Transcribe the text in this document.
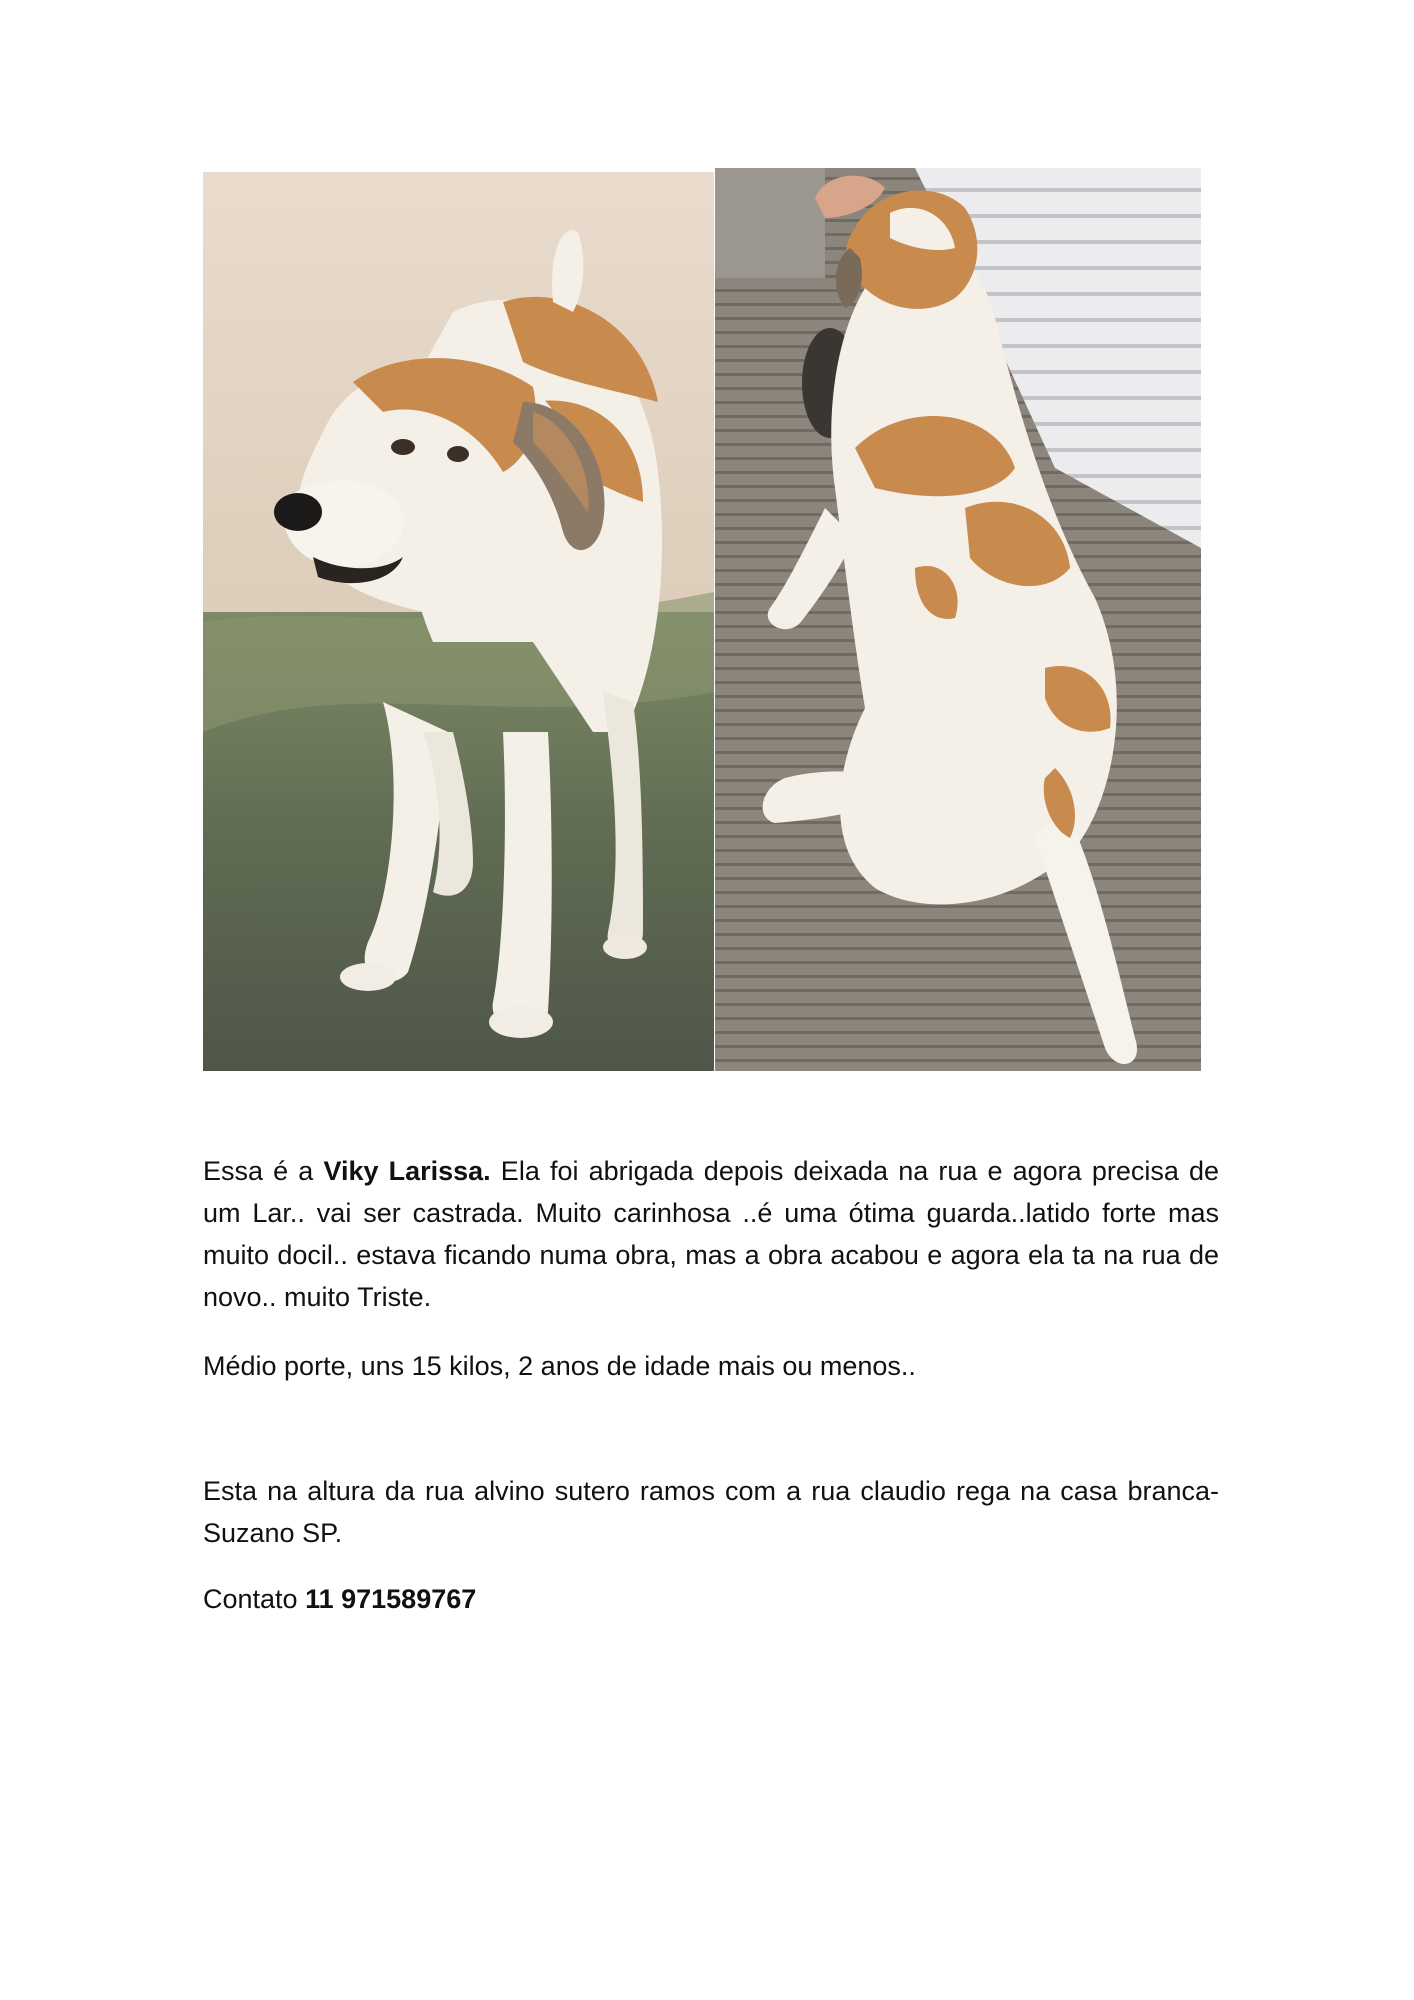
Essa é a Viky Larissa. Ela foi abrigada depois deixada na rua e agora precisa de um Lar.. vai ser castrada. Muito carinhosa ..é uma ótima guarda..latido forte mas muito docil.. estava ficando numa obra, mas a obra acabou e agora ela ta na rua de novo.. muito Triste.

Médio porte, uns 15 kilos, 2 anos de idade mais ou menos..

Esta na altura da rua alvino sutero ramos com a rua claudio rega na casa branca-Suzano SP.

Contato 11 971589767
